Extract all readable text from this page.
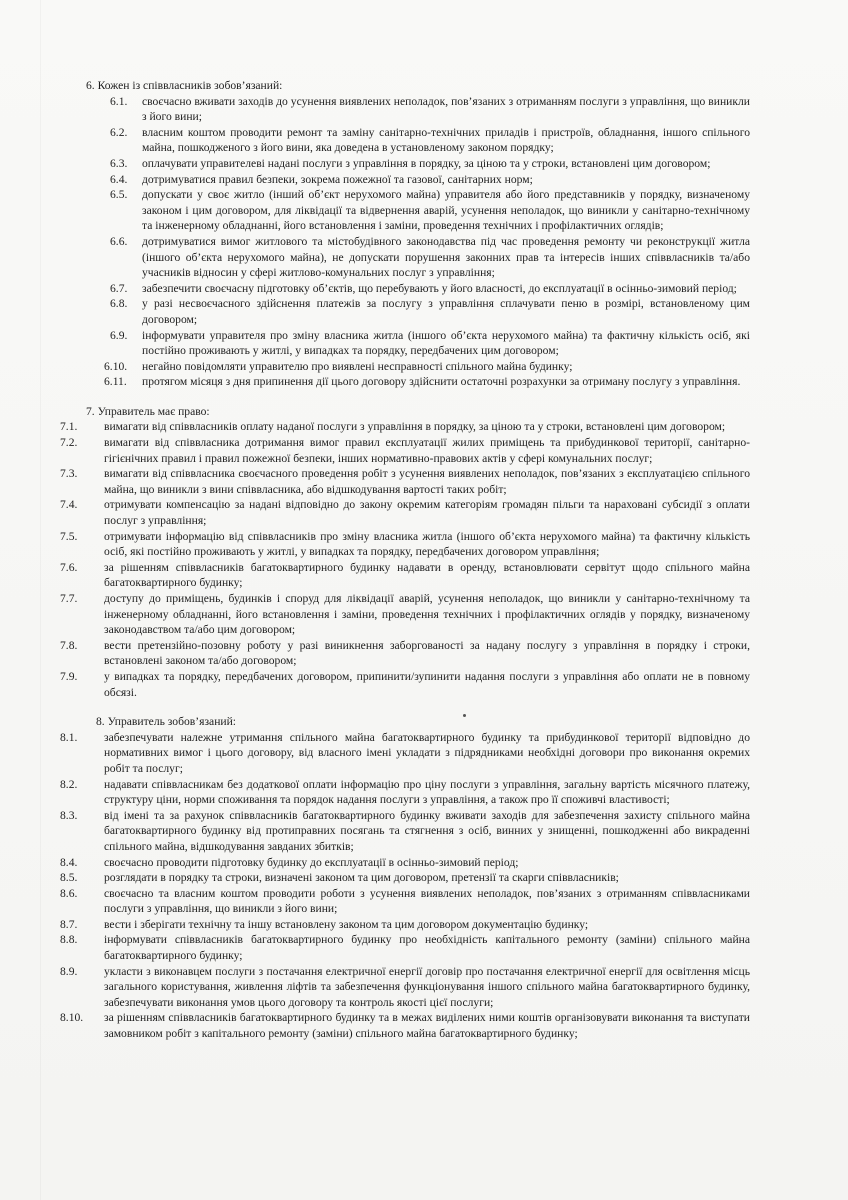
6. Кожен із співвласників зобов’язаний:

6.1. своєчасно вживати заходів до усунення виявлених неполадок, пов’язаних з отриманням послуги з управління, що виникли з його вини;
6.2. власним коштом проводити ремонт та заміну санітарно-технічних приладів і пристроїв, обладнання, іншого спільного майна, пошкодженого з його вини, яка доведена в установленому законом порядку;
6.3. оплачувати управителеві надані послуги з управління в порядку, за ціною та у строки, встановлені цим договором;
6.4. дотримуватися правил безпеки, зокрема пожежної та газової, санітарних норм;
6.5. допускати у своє житло (інший об’єкт нерухомого майна) управителя або його представників у порядку, визначеному законом і цим договором, для ліквідації та відвернення аварій, усунення неполадок, що виникли у санітарно-технічному та інженерному обладнанні, його встановлення і заміни, проведення технічних і профілактичних оглядів;
6.6. дотримуватися вимог житлового та містобудівного законодавства під час проведення ремонту чи реконструкції житла (іншого об’єкта нерухомого майна), не допускати порушення законних прав та інтересів інших співвласників та/або учасників відносин у сфері житлово-комунальних послуг з управління;
6.7. забезпечити своєчасну підготовку об’єктів, що перебувають у його власності, до експлуатації в осінньо-зимовий період;
6.8. у разі несвоєчасного здійснення платежів за послугу з управління сплачувати пеню в розмірі, встановленому цим договором;
6.9. інформувати управителя про зміну власника житла (іншого об’єкта нерухомого майна) та фактичну кількість осіб, які постійно проживають у житлі, у випадках та порядку, передбачених цим договором;
6.10. негайно повідомляти управителю про виявлені несправності спільного майна будинку;
6.11. протягом місяця з дня припинення дії цього договору здійснити остаточні розрахунки за отриману послугу з управління.

7. Управитель має право:

7.1. вимагати від співвласників оплату наданої послуги з управління в порядку, за ціною та у строки, встановлені цим договором;
7.2. вимагати від співвласника дотримання вимог правил експлуатації жилих приміщень та прибудинкової території, санітарно-гігієнічних правил і правил пожежної безпеки, інших нормативно-правових актів у сфері комунальних послуг;
7.3. вимагати від співвласника своєчасного проведення робіт з усунення виявлених неполадок, пов’язаних з експлуатацією спільного майна, що виникли з вини співвласника, або відшкодування вартості таких робіт;
7.4. отримувати компенсацію за надані відповідно до закону окремим категоріям громадян пільги та нараховані субсидії з оплати послуг з управління;
7.5. отримувати інформацію від співвласників про зміну власника житла (іншого об’єкта нерухомого майна) та фактичну кількість осіб, які постійно проживають у житлі, у випадках та порядку, передбачених договором управління;
7.6. за рішенням співвласників багатоквартирного будинку надавати в оренду, встановлювати сервітут щодо спільного майна багатоквартирного будинку;
7.7. доступу до приміщень, будинків і споруд для ліквідації аварій, усунення неполадок, що виникли у санітарно-технічному та інженерному обладнанні, його встановлення і заміни, проведення технічних і профілактичних оглядів у порядку, визначеному законодавством та/або цим договором;
7.8. вести претензійно-позовну роботу у разі виникнення заборгованості за надану послугу з управління в порядку і строки, встановлені законом та/або договором;
7.9. у випадках та порядку, передбачених договором, припинити/зупинити надання послуги з управління або оплати не в повному обсязі.

8. Управитель зобов’язаний:

8.1. забезпечувати належне утримання спільного майна багатоквартирного будинку та прибудинкової території відповідно до нормативних вимог і цього договору, від власного імені укладати з підрядниками необхідні договори про виконання окремих робіт та послуг;
8.2. надавати співвласникам без додаткової оплати інформацію про ціну послуги з управління, загальну вартість місячного платежу, структуру ціни, норми споживання та порядок надання послуги з управління, а також про її споживчі властивості;
8.3. від імені та за рахунок співвласників багатоквартирного будинку вживати заходів для забезпечення захисту спільного майна багатоквартирного будинку від протиправних посягань та стягнення з осіб, винних у знищенні, пошкодженні або викраденні спільного майна, відшкодування завданих збитків;
8.4. своєчасно проводити підготовку будинку до експлуатації в осінньо-зимовий період;
8.5. розглядати в порядку та строки, визначені законом та цим договором, претензії та скарги співвласників;
8.6. своєчасно та власним коштом проводити роботи з усунення виявлених неполадок, пов’язаних з отриманням співвласниками послуги з управління, що виникли з його вини;
8.7. вести і зберігати технічну та іншу встановлену законом та цим договором документацію будинку;
8.8. інформувати співвласників багатоквартирного будинку про необхідність капітального ремонту (заміни) спільного майна багатоквартирного будинку;
8.9. укласти з виконавцем послуги з постачання електричної енергії договір про постачання електричної енергії для освітлення місць загального користування, живлення ліфтів та забезпечення функціонування іншого спільного майна багатоквартирного будинку, забезпечувати виконання умов цього договору та контроль якості цієї послуги;
8.10. за рішенням співвласників багатоквартирного будинку та в межах виділених ними коштів організовувати виконання та виступати замовником робіт з капітального ремонту (заміни) спільного майна багатоквартирного будинку;
